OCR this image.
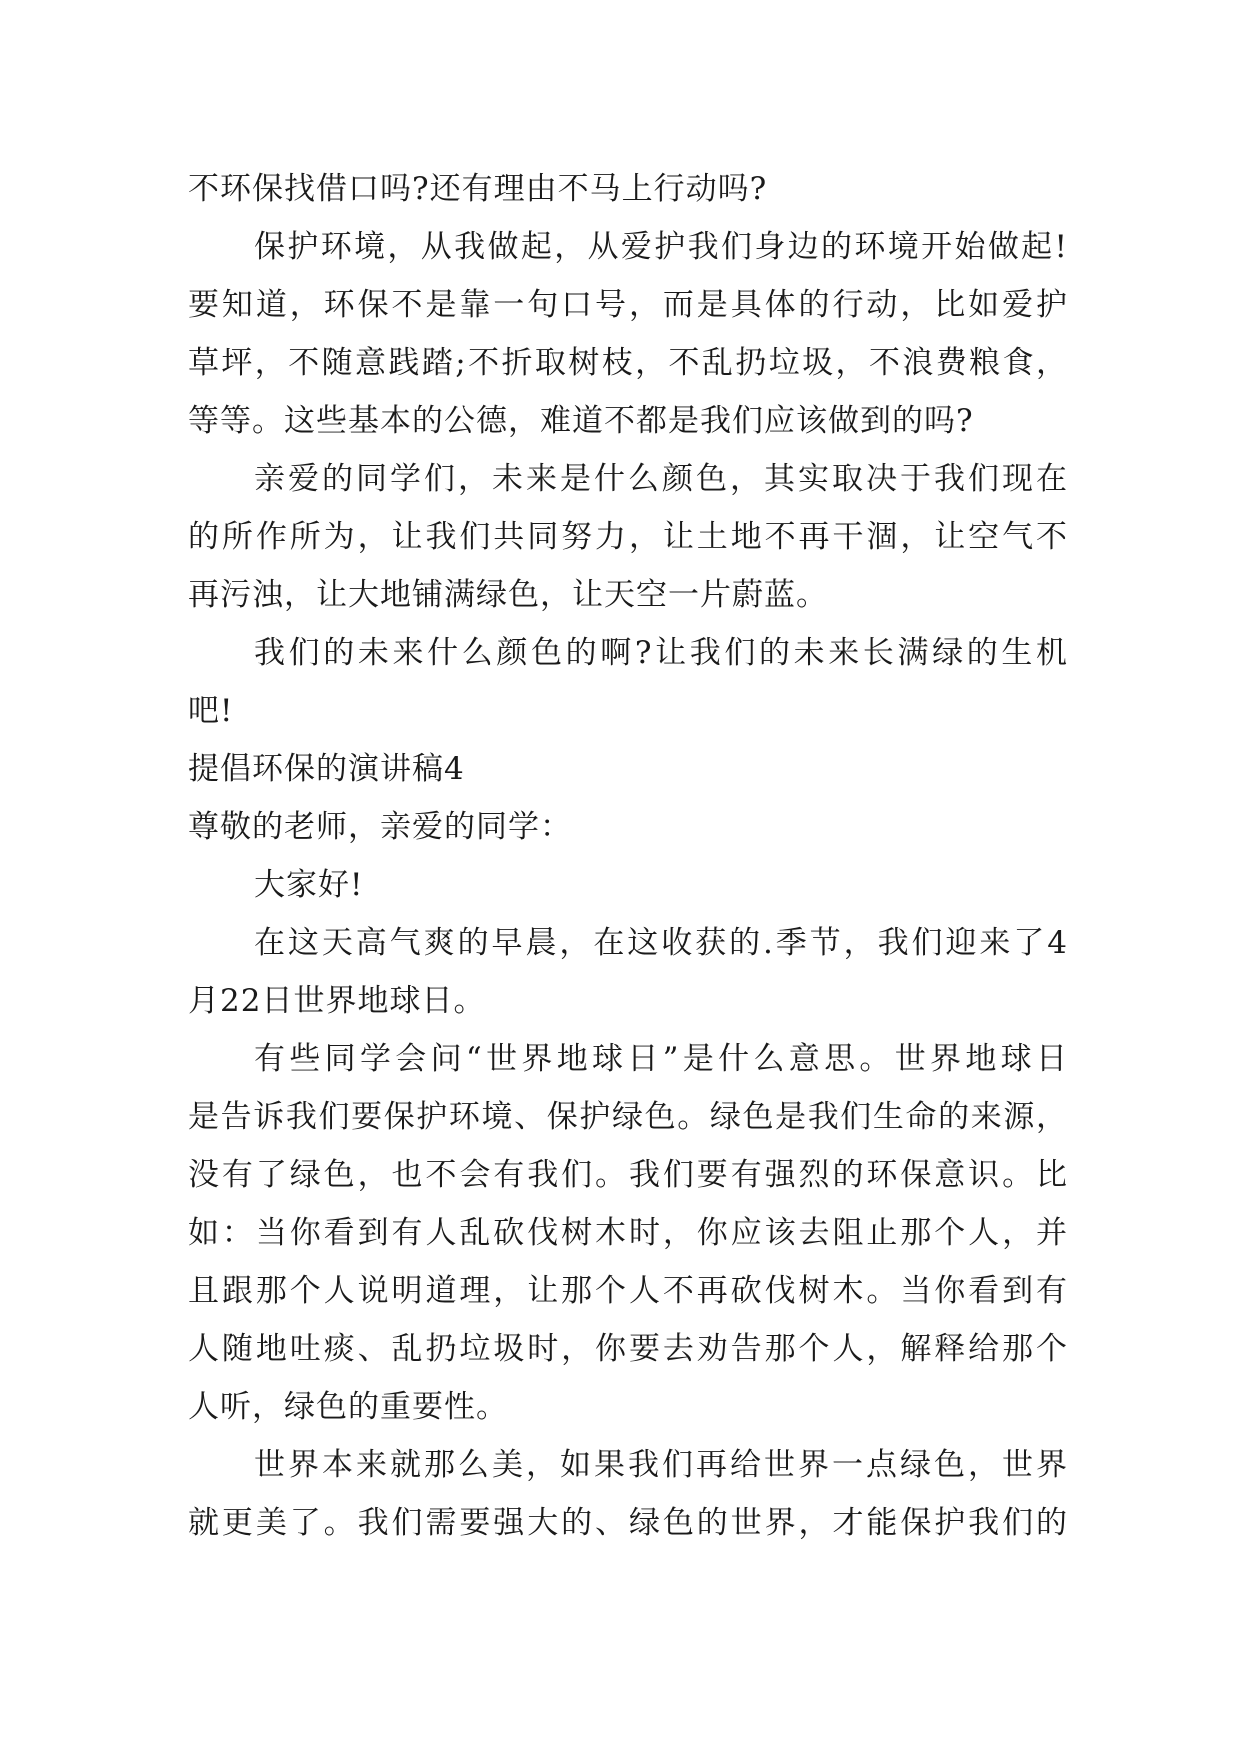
不环保找借口吗?还有理由不马上行动吗?
保护环境，从我做起，从爱护我们身边的环境开始做起!
要知道，环保不是靠一句口号，而是具体的行动，比如爱护
草坪，不随意践踏;不折取树枝，不乱扔垃圾，不浪费粮食，
等等。这些基本的公德，难道不都是我们应该做到的吗?
亲爱的同学们，未来是什么颜色，其实取决于我们现在
的所作所为，让我们共同努力，让土地不再干涸，让空气不
再污浊，让大地铺满绿色，让天空一片蔚蓝。
我们的未来什么颜色的啊?让我们的未来长满绿的生机
吧!
提倡环保的演讲稿4
尊敬的老师，亲爱的同学：
大家好!
在这天高气爽的早晨，在这收获的.季节，我们迎来了4
月22日世界地球日。
有些同学会问“世界地球日”是什么意思。世界地球日
是告诉我们要保护环境、保护绿色。绿色是我们生命的来源，
没有了绿色，也不会有我们。我们要有强烈的环保意识。比
如：当你看到有人乱砍伐树木时，你应该去阻止那个人，并
且跟那个人说明道理，让那个人不再砍伐树木。当你看到有
人随地吐痰、乱扔垃圾时，你要去劝告那个人，解释给那个
人听，绿色的重要性。
世界本来就那么美，如果我们再给世界一点绿色，世界
就更美了。我们需要强大的、绿色的世界，才能保护我们的
